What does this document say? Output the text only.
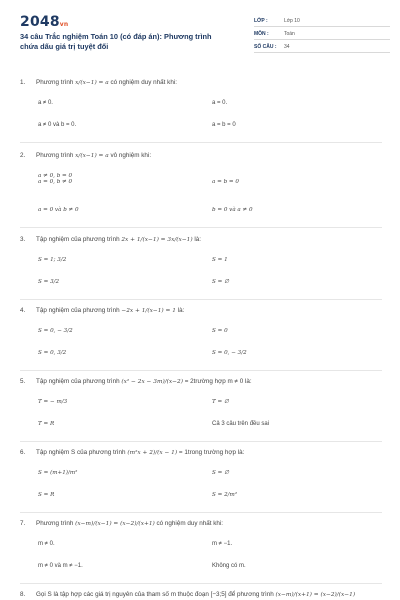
2048vn
34 câu Trắc nghiệm Toán 10 (có đáp án): Phương trình
chứa dấu giá trị tuyệt đối
LỚP :	Lớp 10
MÔN :	Toán
SỐ CÂU :	34
1.	Phương trình x/(x−1) = a có nghiệm duy nhất khi:
a ≠ 0.	a = 0.
a ≠ 0 và b = 0.	a = b = 0
2.	Phương trình x/(x−1) = a vô nghiệm khi:
a ≠ 0, b = 0
a = 0, b ≠ 0	a = b = 0
a = 0 và b ≠ 0	b = 0 và a ≠ 0
3.	Tập nghiệm của phương trình 2x + 1/(x−1) = 3x/(x−1) là:
S = 1; 3/2	S = 1
S = 3/2	S = ∅
4.	Tập nghiệm của phương trình −2x + 1/(x−1) = 1 là:
S = 0, − 3/2	S = 0
S = 0, 3/2	S = 0, − 3/2
5.	Tập nghiệm của phương trình (x² − 2x − 3m)/(x−2) = 2trường hợp m ≠ 0 là:
T = − m/3	T = ∅
T = R	Cả 3 câu trên đều sai
6.	Tập nghiệm S của phương trình (m²x + 2)/(x − 1) = 1trong trường hợp là:
S = (m+1)/m²	S = ∅
S = R	S = 2/m²
7.	Phương trình (x−m)/(x−1) = (x−2)/(x+1) có nghiệm duy nhất khi:
m ≠ 0.	m ≠ −1.
m ≠ 0 và m ≠ −1.	Không có m.
8.	Gọi S là tập hợp các giá trị nguyên của tham số m thuộc đoạn [−3;5] để phương trình (x−m)/(x+1) = (x−2)/(x−1)
